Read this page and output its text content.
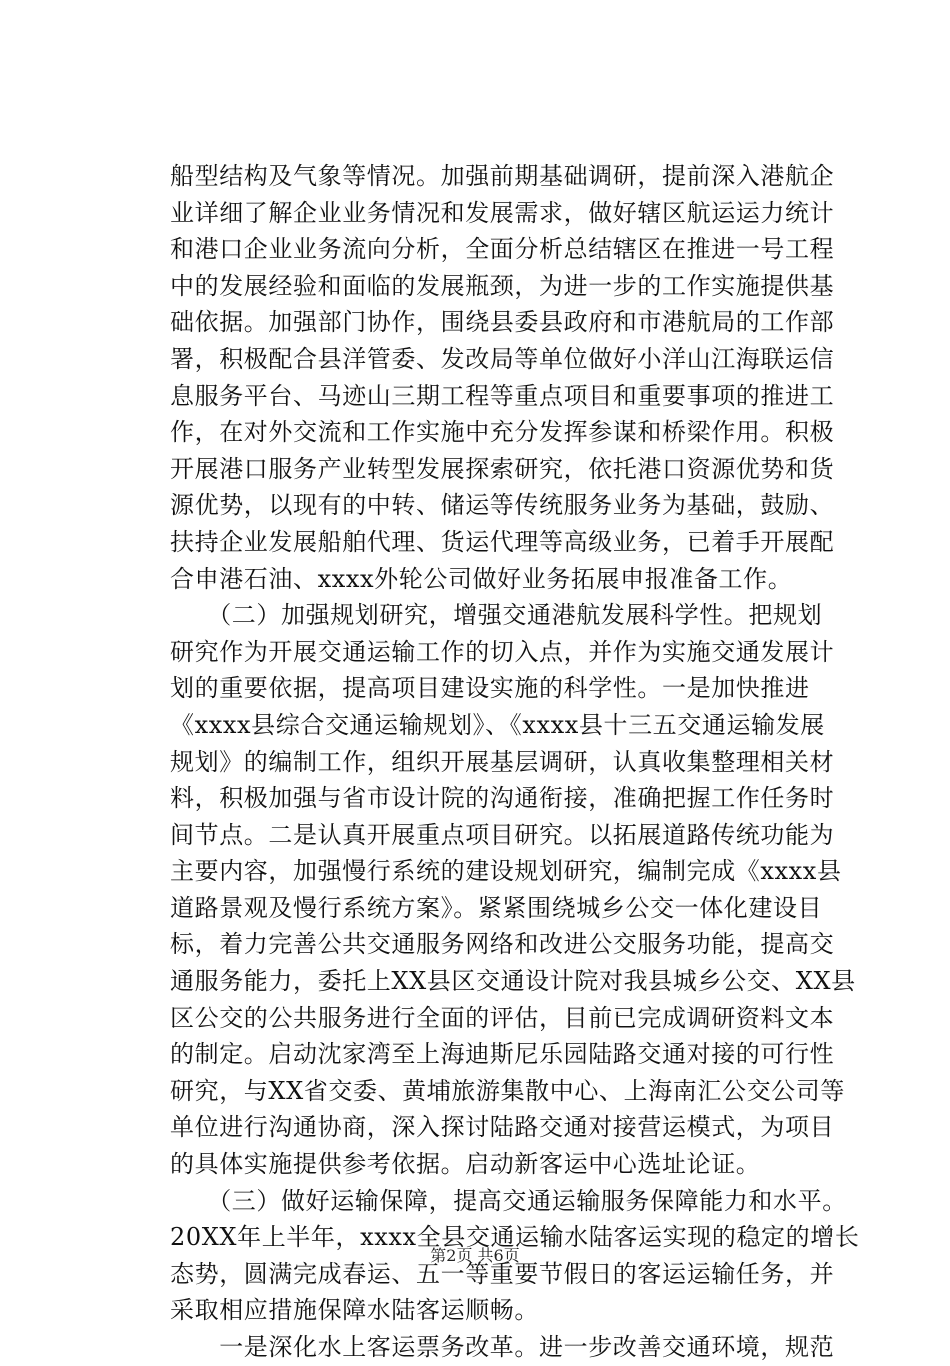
船型结构及气象等情况。加强前期基础调研，提前深入港航企
业详细了解企业业务情况和发展需求，做好辖区航运运力统计
和港口企业业务流向分析，全面分析总结辖区在推进一号工程
中的发展经验和面临的发展瓶颈，为进一步的工作实施提供基
础依据。加强部门协作，围绕县委县政府和市港航局的工作部
署，积极配合县洋管委、发改局等单位做好小洋山江海联运信
息服务平台、马迹山三期工程等重点项目和重要事项的推进工
作，在对外交流和工作实施中充分发挥参谋和桥梁作用。积极
开展港口服务产业转型发展探索研究，依托港口资源优势和货
源优势，以现有的中转、储运等传统服务业务为基础，鼓励、
扶持企业发展船舶代理、货运代理等高级业务，已着手开展配
合申港石油、xxxx外轮公司做好业务拓展申报准备工作。
　　（二）加强规划研究，增强交通港航发展科学性。把规划
研究作为开展交通运输工作的切入点，并作为实施交通发展计
划的重要依据，提高项目建设实施的科学性。一是加快推进
《xxxx县综合交通运输规划》、《xxxx县十三五交通运输发展
规划》的编制工作，组织开展基层调研，认真收集整理相关材
料，积极加强与省市设计院的沟通衔接，准确把握工作任务时
间节点。二是认真开展重点项目研究。以拓展道路传统功能为
主要内容，加强慢行系统的建设规划研究，编制完成《xxxx县
道路景观及慢行系统方案》。紧紧围绕城乡公交一体化建设目
标，着力完善公共交通服务网络和改进公交服务功能，提高交
通服务能力，委托上XX县区交通设计院对我县城乡公交、XX县
区公交的公共服务进行全面的评估，目前已完成调研资料文本
的制定。启动沈家湾至上海迪斯尼乐园陆路交通对接的可行性
研究，与XX省交委、黄埔旅游集散中心、上海南汇公交公司等
单位进行沟通协商，深入探讨陆路交通对接营运模式，为项目
的具体实施提供参考依据。启动新客运中心选址论证。
　　（三）做好运输保障，提高交通运输服务保障能力和水平。
20XX年上半年，xxxx全县交通运输水陆客运实现的稳定的增长
态势，圆满完成春运、五一等重要节假日的客运运输任务，并
采取相应措施保障水陆客运顺畅。
　　一是深化水上客运票务改革。进一步改善交通环境，规范
第2页 共6页
